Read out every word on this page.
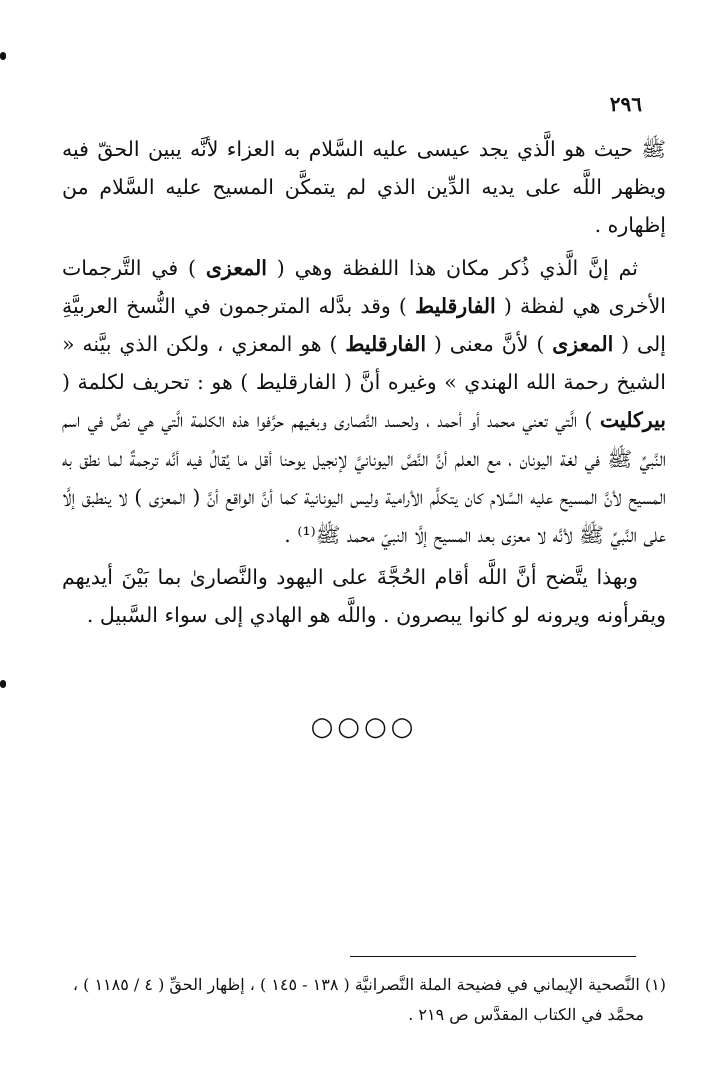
٢٩٦

ﷺ حيث هو الَّذي يجد عيسى عليه السَّلام به العزاء لأنَّه يبين الحقّ فيه ويظهر اللَّه على يديه الدِّين الذي لم يتمكَّن المسيح عليه السَّلام من إظهاره .

ثم إنَّ الَّذي ذُكر مكان هذا اللفظة وهي ( المعزى ) في التَّرجمات الأخرى هي لفظة ( الفارقليط ) وقد بدَّله المترجمون في النُّسخ العربيَّةِ إلى ( المعزى ) لأنَّ معنى ( الفارقليط ) هو المعزي ، ولكن الذي بيَّنه « الشيخ رحمة الله الهندي » وغيره أنَّ ( الفارقليط ) هو : تحريف لكلمة ( بيركليت ) الَّتي تعني محمد أو أحمد ، ولحسد النَّصارى وبغيهم حرَّفوا هذه الكلمة الَّتي هي نصٌّ في اسم النَّبيِّ ﷺ في لغة اليونان ، مع العلم أنَّ النَّصَّ اليونانيَّ لإنجيل يوحنا أقل ما يُقالُ فيه أنَّه ترجمةٌ لما نطق به المسيح لأنَّ المسيح عليه السَّلام كان يتكلَّم الأرامية وليس اليونانية كما أنَّ الواقع أنَّ ( المعزى ) لا ينطبق إلَّا على النَّبيِّ ﷺ لأنَّه لا معزى بعد المسيح إلَّا النبيّ محمد ﷺ⁽¹⁾ .

وبهذا يتَّضح أنَّ اللَّه أقام الحُجَّةَ على اليهود والنَّصارىٰ بما بَيْنَ أيديهم ويقرأونه ويرونه لو كانوا يبصرون . واللَّه هو الهادي إلى سواء السَّبيل .

○○○○

(١) النَّصحية الإيماني في فضيحة الملة النَّصرانيَّة ( ١٣٨ - ١٤٥ ) ، إظهار الحقِّ ( ٤ / ١١٨٥ ) ،

محمَّد في الكتاب المقدَّس ص ٢١٩ .
